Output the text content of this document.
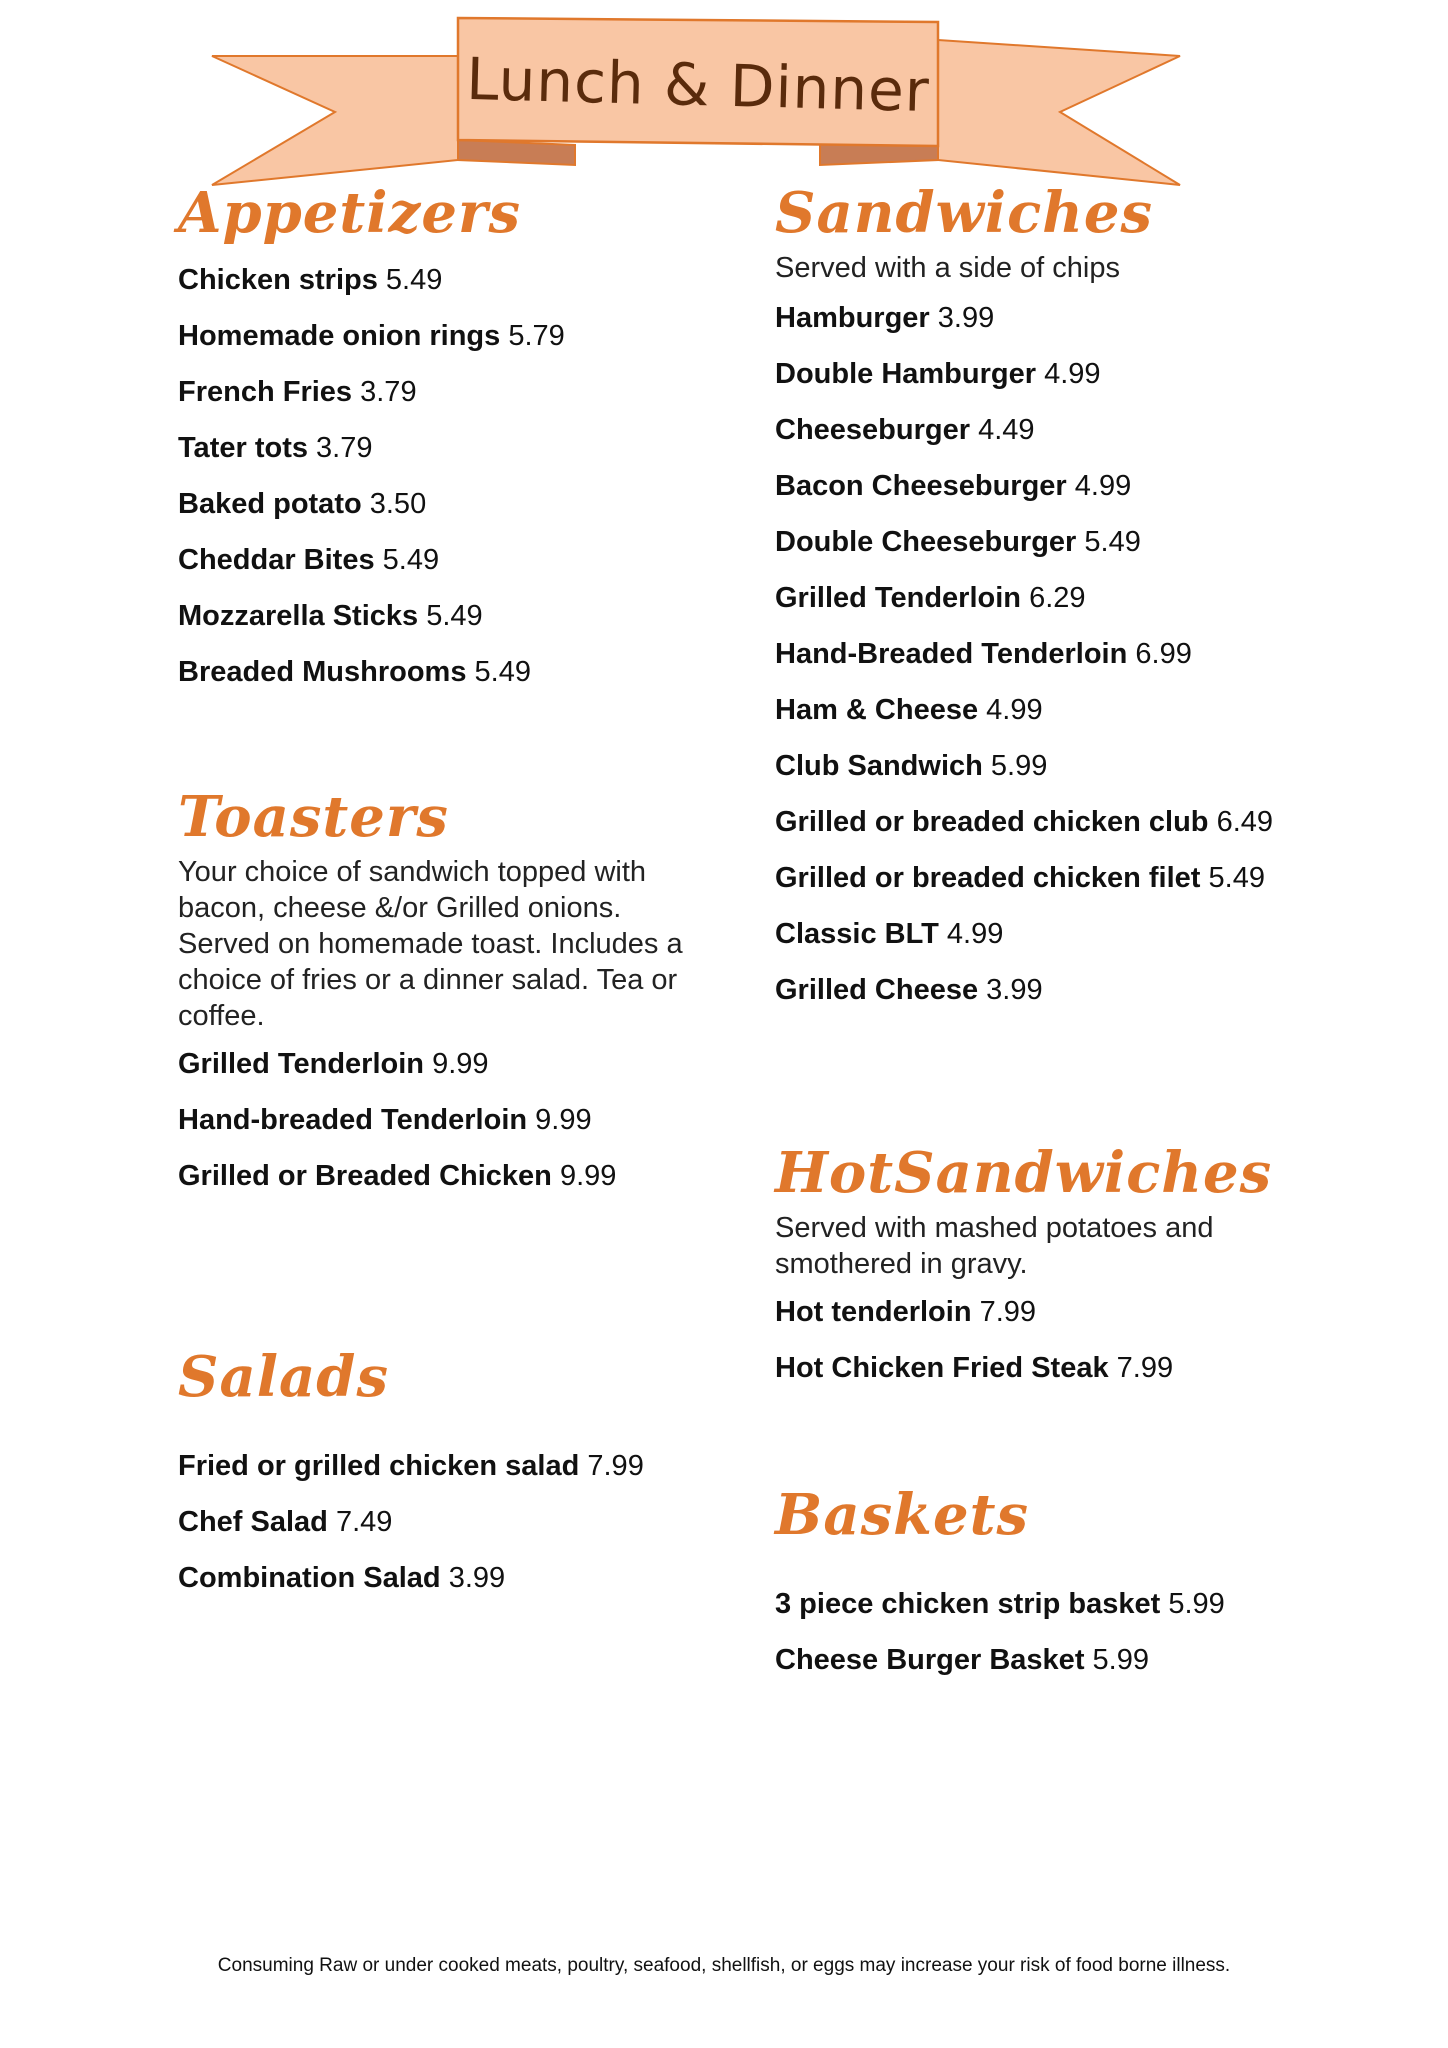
Lunch & Dinner
Appetizers
Chicken strips 5.49
Homemade onion rings 5.79
French Fries 3.79
Tater tots 3.79
Baked potato 3.50
Cheddar Bites 5.49
Mozzarella Sticks 5.49
Breaded Mushrooms 5.49
Toasters

Your choice of sandwich topped with bacon, cheese &/or Grilled onions. Served on homemade toast. Includes a choice of fries or a dinner salad. Tea or coffee.

Grilled Tenderloin 9.99
Hand-breaded Tenderloin 9.99
Grilled or Breaded Chicken 9.99
Salads
Fried or grilled chicken salad 7.99
Chef Salad 7.49
Combination Salad 3.99
Sandwiches

Served with a side of chips

Hamburger 3.99
Double Hamburger 4.99
Cheeseburger 4.49
Bacon Cheeseburger 4.99
Double Cheeseburger 5.49
Grilled Tenderloin 6.29
Hand-Breaded Tenderloin 6.99
Ham & Cheese 4.99
Club Sandwich 5.99
Grilled or breaded chicken club 6.49
Grilled or breaded chicken filet 5.49
Classic BLT 4.99
Grilled Cheese 3.99
HotSandwiches

Served with mashed potatoes and smothered in gravy.

Hot tenderloin 7.99
Hot Chicken Fried Steak 7.99
Baskets
3 piece chicken strip basket 5.99
Cheese Burger Basket 5.99
Consuming Raw or under cooked meats, poultry, seafood, shellfish, or eggs may increase your risk of food borne illness.
